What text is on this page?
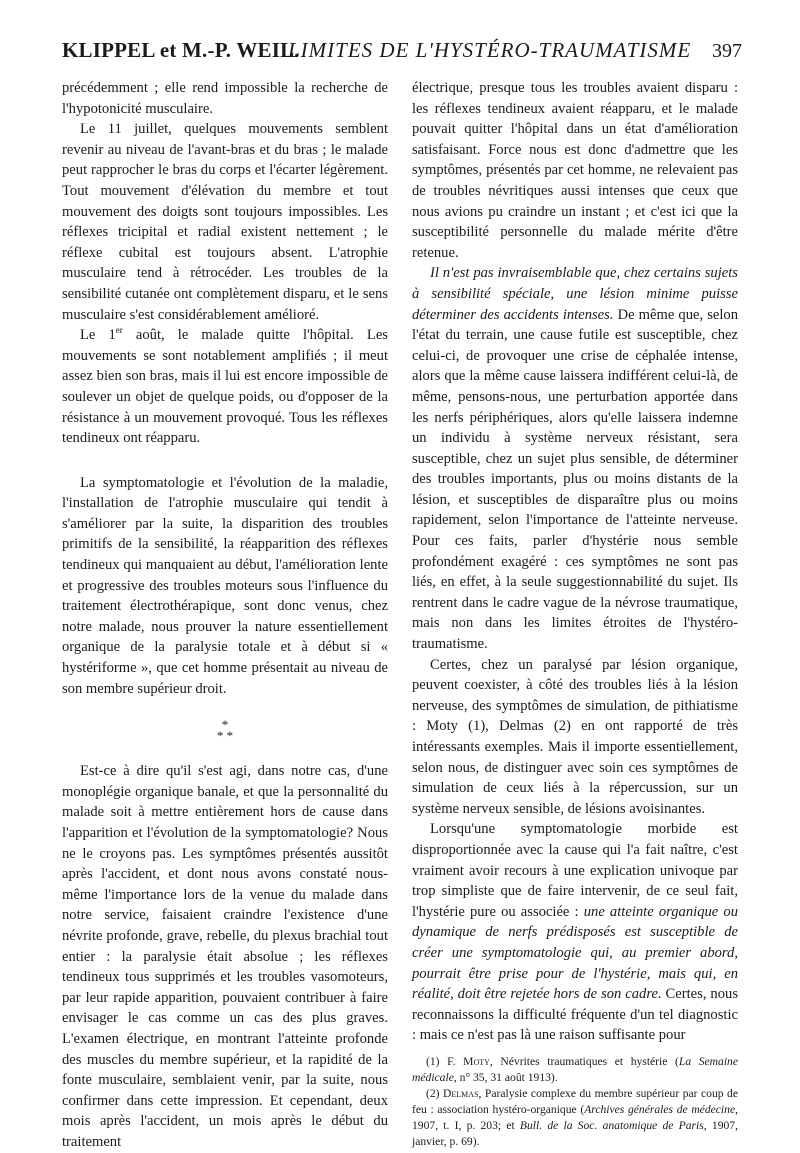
KLIPPEL et M.-P. WEIL.
LIMITES DE L'HYSTÉRO-TRAUMATISME 397

précédemment ; elle rend impossible la recherche de l'hypotonicité musculaire.

Le 11 juillet, quelques mouvements semblent revenir au niveau de l'avant-bras et du bras ; le malade peut rapprocher le bras du corps et l'écarter légèrement. Tout mouvement d'élévation du membre et tout mouvement des doigts sont toujours impossibles. Les réflexes tricipital et radial existent nettement ; le réflexe cubital est toujours absent. L'atrophie musculaire tend à rétrocéder. Les troubles de la sensibilité cutanée ont complètement disparu, et le sens musculaire s'est considérablement amélioré.

Le 1er août, le malade quitte l'hôpital. Les mouvements se sont notablement amplifiés ; il meut assez bien son bras, mais il lui est encore impossible de soulever un objet de quelque poids, ou d'opposer de la résistance à un mouvement provoqué. Tous les réflexes tendineux ont réapparu.

La symptomatologie et l'évolution de la maladie, l'installation de l'atrophie musculaire qui tendit à s'améliorer par la suite, la disparition des troubles primitifs de la sensibilité, la réapparition des réflexes tendineux qui manquaient au début, l'amélioration lente et progressive des troubles moteurs sous l'influence du traitement électrothérapique, sont donc venus, chez notre malade, nous prouver la nature essentiellement organique de la paralysie totale et à début si « hystériforme », que cet homme présentait au niveau de son membre supérieur droit.

*
* *

Est-ce à dire qu'il s'est agi, dans notre cas, d'une monoplégie organique banale, et que la personnalité du malade soit à mettre entièrement hors de cause dans l'apparition et l'évolution de la symptomatologie? Nous ne le croyons pas. Les symptômes présentés aussitôt après l'accident, et dont nous avons constaté nous-même l'importance lors de la venue du malade dans notre service, faisaient craindre l'existence d'une névrite profonde, grave, rebelle, du plexus brachial tout entier : la paralysie était absolue ; les réflexes tendineux tous supprimés et les troubles vasomoteurs, par leur rapide apparition, pouvaient contribuer à faire envisager le cas comme un cas des plus graves. L'examen électrique, en montrant l'atteinte profonde des muscles du membre supérieur, et la rapidité de la fonte musculaire, semblaient venir, par la suite, nous confirmer dans cette impression. Et cependant, deux mois après l'accident, un mois après le début du traitement

électrique, presque tous les troubles avaient disparu : les réflexes tendineux avaient réapparu, et le malade pouvait quitter l'hôpital dans un état d'amélioration satisfaisant. Force nous est donc d'admettre que les symptômes, présentés par cet homme, ne relevaient pas de troubles névritiques aussi intenses que ceux que nous avions pu craindre un instant ; et c'est ici que la susceptibilité personnelle du malade mérite d'être retenue.

Il n'est pas invraisemblable que, chez certains sujets à sensibilité spéciale, une lésion minime puisse déterminer des accidents intenses. De même que, selon l'état du terrain, une cause futile est susceptible, chez celui-ci, de provoquer une crise de céphalée intense, alors que la même cause laissera indifférent celui-là, de même, pensons-nous, une perturbation apportée dans les nerfs périphériques, alors qu'elle laissera indemne un individu à système nerveux résistant, sera susceptible, chez un sujet plus sensible, de déterminer des troubles importants, plus ou moins distants de la lésion, et susceptibles de disparaître plus ou moins rapidement, selon l'importance de l'atteinte nerveuse. Pour ces faits, parler d'hystérie nous semble profondément exagéré : ces symptômes ne sont pas liés, en effet, à la seule suggestionnabilité du sujet. Ils rentrent dans le cadre vague de la névrose traumatique, mais non dans les limites étroites de l'hystéro-traumatisme.

Certes, chez un paralysé par lésion organique, peuvent coexister, à côté des troubles liés à la lésion nerveuse, des symptômes de simulation, de pithiatisme : Moty (1), Delmas (2) en ont rapporté de très intéressants exemples. Mais il importe essentiellement, selon nous, de distinguer avec soin ces symptômes de simulation de ceux liés à la répercussion, sur un système nerveux sensible, de lésions avoisinantes.

Lorsqu'une symptomatologie morbide est disproportionnée avec la cause qui l'a fait naître, c'est vraiment avoir recours à une explication univoque par trop simpliste que de faire intervenir, de ce seul fait, l'hystérie pure ou associée : une atteinte organique ou dynamique de nerfs prédisposés est susceptible de créer une symptomatologie qui, au premier abord, pourrait être prise pour de l'hystérie, mais qui, en réalité, doit être rejetée hors de son cadre. Certes, nous reconnaissons la difficulté fréquente d'un tel diagnostic : mais ce n'est pas là une raison suffisante pour

(1) F. Moty, Névrites traumatiques et hystérie (La Semaine médicale, n° 35, 31 août 1913).

(2) Delmas, Paralysie complexe du membre supérieur par coup de feu : association hystéro-organique (Archives générales de médecine, 1907, t. I, p. 203; et Bull. de la Soc. anatomique de Paris, 1907, janvier, p. 69).
